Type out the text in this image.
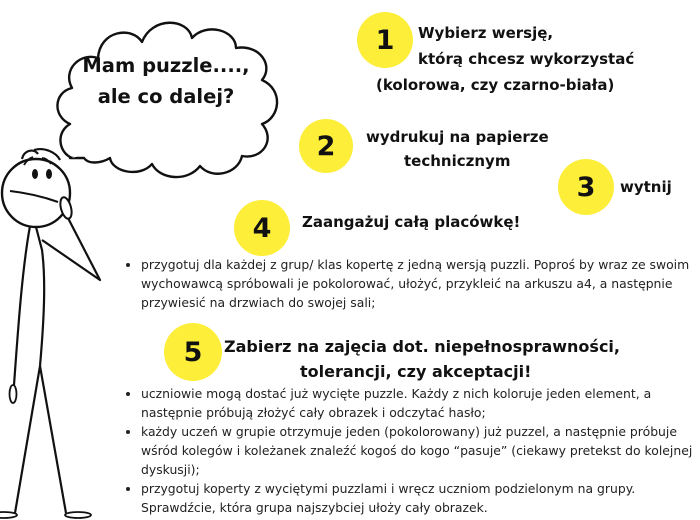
Mam puzzle....,
ale co dalej?
1 Wybierz wersję,
którą chcesz wykorzystać
(kolorowa, czy czarno-biała)
2 wydrukuj na papierze
technicznym
3 wytnij
4 Zaangażuj całą placówkę!
przygotuj dla każdej z grup/ klas kopertę z jedną wersją puzzli. Poproś by wraz ze swoim wychowawcą spróbowali je pokolorować, ułożyć, przykleić na arkuszu a4, a następnie przywiesić na drzwiach do swojej sali;
5 Zabierz na zajęcia dot. niepełnosprawności,
tolerancji, czy akceptacji!
uczniowie mogą dostać już wycięte puzzle. Każdy z nich koloruje jeden element, a następnie próbują złożyć cały obrazek i odczytać hasło;
każdy uczeń w grupie otrzymuje jeden (pokolorowany) już puzzel, a następnie próbuje wśród kolegów i koleżanek znaleźć kogoś do kogo “pasuje” (ciekawy pretekst do kolejnej dyskusji);
przygotuj koperty z wyciętymi puzzlami i wręcz uczniom podzielonym na grupy. Sprawdźcie, która grupa najszybciej ułoży cały obrazek.
